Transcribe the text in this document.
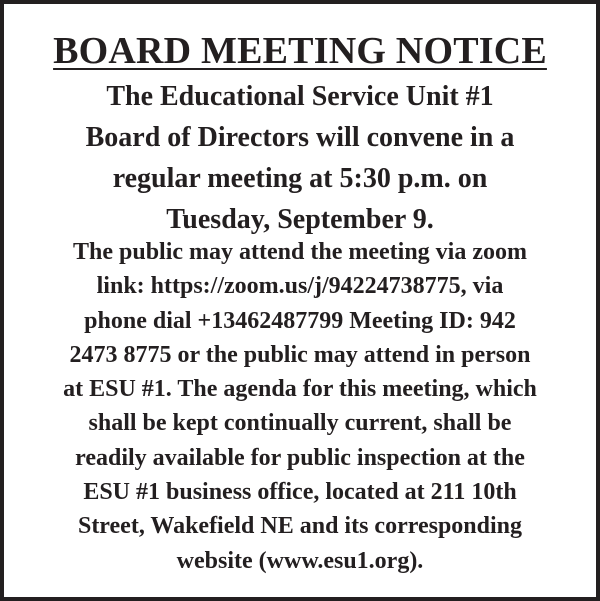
BOARD MEETING NOTICE
The Educational Service Unit #1
Board of Directors will convene in a
regular meeting at 5:30 p.m. on
Tuesday, September 9.
The public may attend the meeting via zoom
link: https://zoom.us/j/94224738775, via
phone dial +13462487799 Meeting ID: 942
2473 8775 or the public may attend in person
at ESU #1. The agenda for this meeting, which
shall be kept continually current, shall be
readily available for public inspection at the
ESU #1 business office, located at 211 10th
Street, Wakefield NE and its corresponding
website (www.esu1.org).
